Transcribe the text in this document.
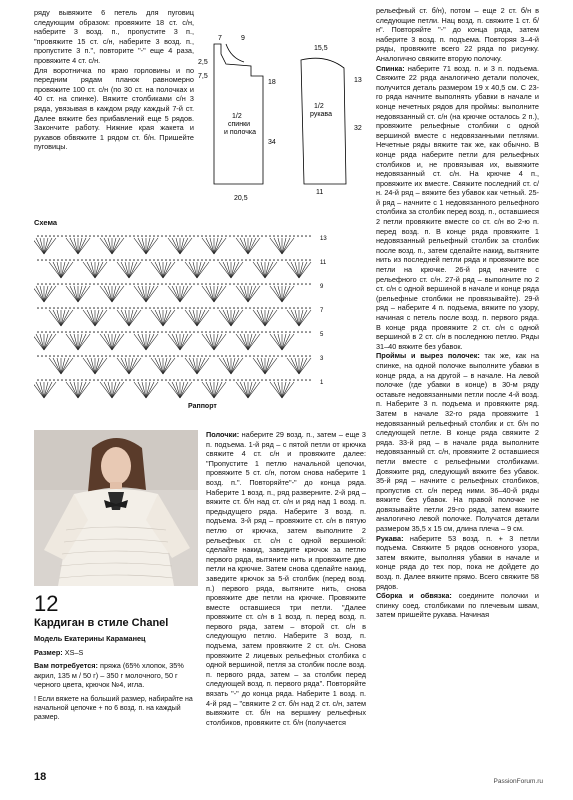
ряду вывяжите 6 петель для пуговиц следующим образом: провяжите 18 ст. с/н, наберите 3 возд. п., пропустите 3 п., "провяжите 15 ст. с/н, наберите 3 возд. п., пропустите 3 п.", повторите "-" еще 4 раза, провяжите 4 ст. с/н.

Для воротничка по краю горловины и по передним рядам планок равномерно провяжите 100 ст. с/н (по 30 ст. на полочках и 40 ст. на спинке). Вяжите столбиками с/н 3 ряда, увязывая в каждом ряду каждый 7-й ст. Далее вяжите без прибавлений еще 5 рядов. Закончите работу. Нижние края жакета и рукавов обвяжите 1 рядом ст. б/н. Пришейте пуговицы.

7	9
2,5
7,5
18
34
20,5
1/2
спинки
и полочка
15,5
13
32
11
1/2
рукава
Схема
13
11
9
7
5
3
1
Раппорт
12
Кардиган в стиле Chanel
Модель Екатерины Караманец
Размер: XS–S
Вам потребуется: пряжа (65% хлопок, 35% акрил, 135 м / 50 г) – 350 г молочного, 50 г черного цвета, крючок №4, игла.
! Если вяжете на больший размер, набирайте на начальной цепочке + по 6 возд. п. на каждый размер.

Полочки: наберите 29 возд. п., затем – еще 3 п. подъема. 1-й ряд – с пятой петли от крючка свяжите 4 ст. с/н и провяжите далее: "Пропустите 1 петлю начальной цепочки, провяжите 5 ст. с/н, потом снова наберите 1 возд. п.". Повторяйте"-" до конца ряда. Наберите 1 возд. п., ряд разверните. 2-й ряд – вяжите ст. б/н над ст. с/н и ряд над 1 возд. п. предыдущего ряда. Наберите 3 возд. п. подъема. 3-й ряд – провяжите ст. с/н в пятую петлю от крючка, затем выполните 2 рельефных ст. с/н с одной вершиной: сделайте накид, заведите крючок за петлю первого ряда, вытяните нить и провяжите две петли на крючке. Затем снова сделайте накид, заведите крючок за 5-й столбик (перед возд. п.) первого ряда, вытяните нить, снова провяжите две петли на крючке. Провяжите вместе оставшиеся три петли. "Далее провяжите ст. с/н в 1 возд. п. перед возд. п. первого ряда, затем – второй ст. с/н в следующую петлю. Наберите 3 возд. п. подъема, затем провяжите 2 ст. с/н. Снова провяжите 2 лицевых рельефных столбика с одной вершиной, петля за столбик после возд. п. первого ряда, затем – за столбик перед следующей возд. п. первого ряда". Повторяйте вязать "-" до конца ряда. Наберите 1 возд. п. 4-й ряд – "свяжите 2 ст. б/н над 2 ст. с/н, затем вывяжите ст. б/н на вершину рельефных столбиков, провяжите ст. б/н (получается

рельефный ст. б/н), потом – еще 2 ст. б/н в следующие петли. Нац возд. п. свяжите 1 ст. б/н". Повторяйте "-" до конца ряда, затем наберите 3 возд. п. подъема. Повторяя 3–4-й ряды, провяжите всего 22 ряда по рисунку. Аналогично свяжите вторую полочку.

Спинка: наберите 71 возд. п. и 3 п. подъема. Свяжите 22 ряда аналогично детали полочек, получится деталь размером 19 х 40,5 см. С 23-го ряда начните выполнять убавки в начале и конце нечетных рядов для проймы: выполните недовязанный ст. с/н (на крючке осталось 2 п.), провяжите рельефные столбики с одной вершиной вместе с недовязанными петлями. Нечетные ряды вяжите так же, как обычно. В конце ряда наберите петли для рельефных столбиков и, не провязывая их, вывяжите недовязанный ст. с/н. На крючке 4 п., провяжите их вместе. Свяжите последний ст. с/н. 24-й ряд – вяжите без убавок как четный. 25-й ряд – начните с 1 недовязанного рельефного столбика за столбик перед возд. п., оставшиеся 2 петли провяжите вместе со ст. с/н во 2-ю п. перед возд. п. В конце ряда провяжите 1 недовязанный рельефный столбик за столбик после возд. п., затем сделайте накид, вытяните нить из последней петли ряда и провяжите все петли на крючке. 26-й ряд начните с рельефного ст. с/н. 27-й ряд – выполните по 2 ст. с/н с одной вершиной в начале и конце ряда (рельефные столбики не провязывайте). 29-й ряд – наберите 4 п. подъема, вяжите по узору, начиная с петель после возд. п. первого ряда. В конце ряда провяжите 2 ст. с/н с одной вершиной в 2 ст. с/н в последнюю петлю. Ряды 31–40 вяжите без убавок.

Проймы и вырез полочек: так же, как на спинке, на одной полочке выполните убавки в конце ряда, а на другой – в начале. На левой полочке (где убавки в конце) в 30-м ряду оставьте недовязанными петли после 4-й возд. п. Наберите 3 п. подъема и провяжите ряд. Затем в начале 32-го ряда провяжите 1 недовязанный рельефный столбик и ст. б/н по следующей петле. В конце ряда свяжите 2 ряда. 33-й ряд – в начале ряда выполните недовязанный ст. с/н, провяжите 2 оставшиеся петли вместе с рельефными столбиками. Довяжите ряд, следующий вяжите без убавок. 35-й ряд – начните с рельефных столбиков, пропустив ст. с/н перед ними. 36–40-й ряды вяжите без убавок. На правой полочке не довязывайте петли 29-го ряда, затем вяжите аналогично левой полочке. Получатся детали размером 35,5 х 15 см, длина плеча – 9 см.

Рукава: наберите 53 возд. п. + 3 петли подъема. Свяжите 5 рядов основного узора, затем вяжите, выполняя убавки в начале и конце ряда до тех пор, пока не дойдете до возд. п. Далее вяжите прямо. Всего свяжите 58 рядов.

Сборка и обвязка: соедините полочки и спинку соед. столбиками по плечевым швам, затем пришейте рукава. Начиная

18	PassionForum.ru
